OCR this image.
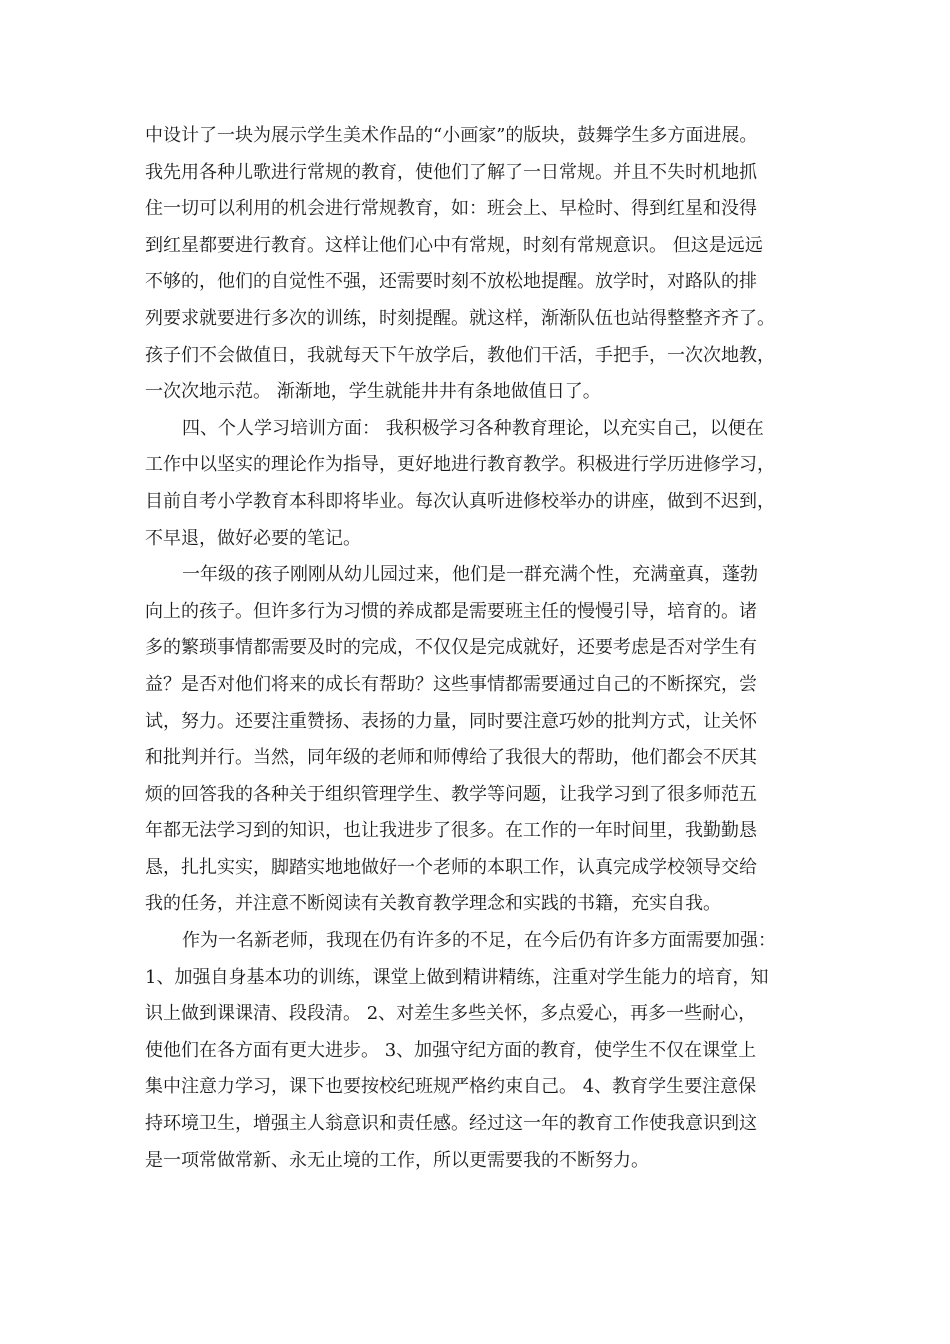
中设计了一块为展示学生美术作品的“小画家”的版块，鼓舞学生多方面进展。
我先用各种儿歌进行常规的教育，使他们了解了一日常规。并且不失时机地抓
住一切可以利用的机会进行常规教育，如：班会上、早检时、得到红星和没得
到红星都要进行教育。这样让他们心中有常规，时刻有常规意识。 但这是远远
不够的，他们的自觉性不强，还需要时刻不放松地提醒。放学时，对路队的排
列要求就要进行多次的训练，时刻提醒。就这样，渐渐队伍也站得整整齐齐了。
孩子们不会做值日，我就每天下午放学后，教他们干活，手把手，一次次地教，
一次次地示范。 渐渐地，学生就能井井有条地做值日了。
四、个人学习培训方面： 我积极学习各种教育理论，以充实自己，以便在
工作中以坚实的理论作为指导，更好地进行教育教学。积极进行学历进修学习，
目前自考小学教育本科即将毕业。每次认真听进修校举办的讲座，做到不迟到，
不早退，做好必要的笔记。
一年级的孩子刚刚从幼儿园过来，他们是一群充满个性，充满童真，蓬勃
向上的孩子。但许多行为习惯的养成都是需要班主任的慢慢引导，培育的。诸
多的繁琐事情都需要及时的完成，不仅仅是完成就好，还要考虑是否对学生有
益？是否对他们将来的成长有帮助？这些事情都需要通过自己的不断探究，尝
试，努力。还要注重赞扬、表扬的力量，同时要注意巧妙的批判方式，让关怀
和批判并行。当然，同年级的老师和师傅给了我很大的帮助，他们都会不厌其
烦的回答我的各种关于组织管理学生、教学等问题，让我学习到了很多师范五
年都无法学习到的知识，也让我进步了很多。在工作的一年时间里，我勤勤恳
恳，扎扎实实，脚踏实地地做好一个老师的本职工作，认真完成学校领导交给
我的任务，并注意不断阅读有关教育教学理念和实践的书籍，充实自我。
作为一名新老师，我现在仍有许多的不足，在今后仍有许多方面需要加强：
1、加强自身基本功的训练，课堂上做到精讲精练，注重对学生能力的培育，知
识上做到课课清、段段清。 2、对差生多些关怀，多点爱心，再多一些耐心，
使他们在各方面有更大进步。 3、加强守纪方面的教育，使学生不仅在课堂上
集中注意力学习，课下也要按校纪班规严格约束自己。 4、教育学生要注意保
持环境卫生，增强主人翁意识和责任感。经过这一年的教育工作使我意识到这
是一项常做常新、永无止境的工作，所以更需要我的不断努力。
